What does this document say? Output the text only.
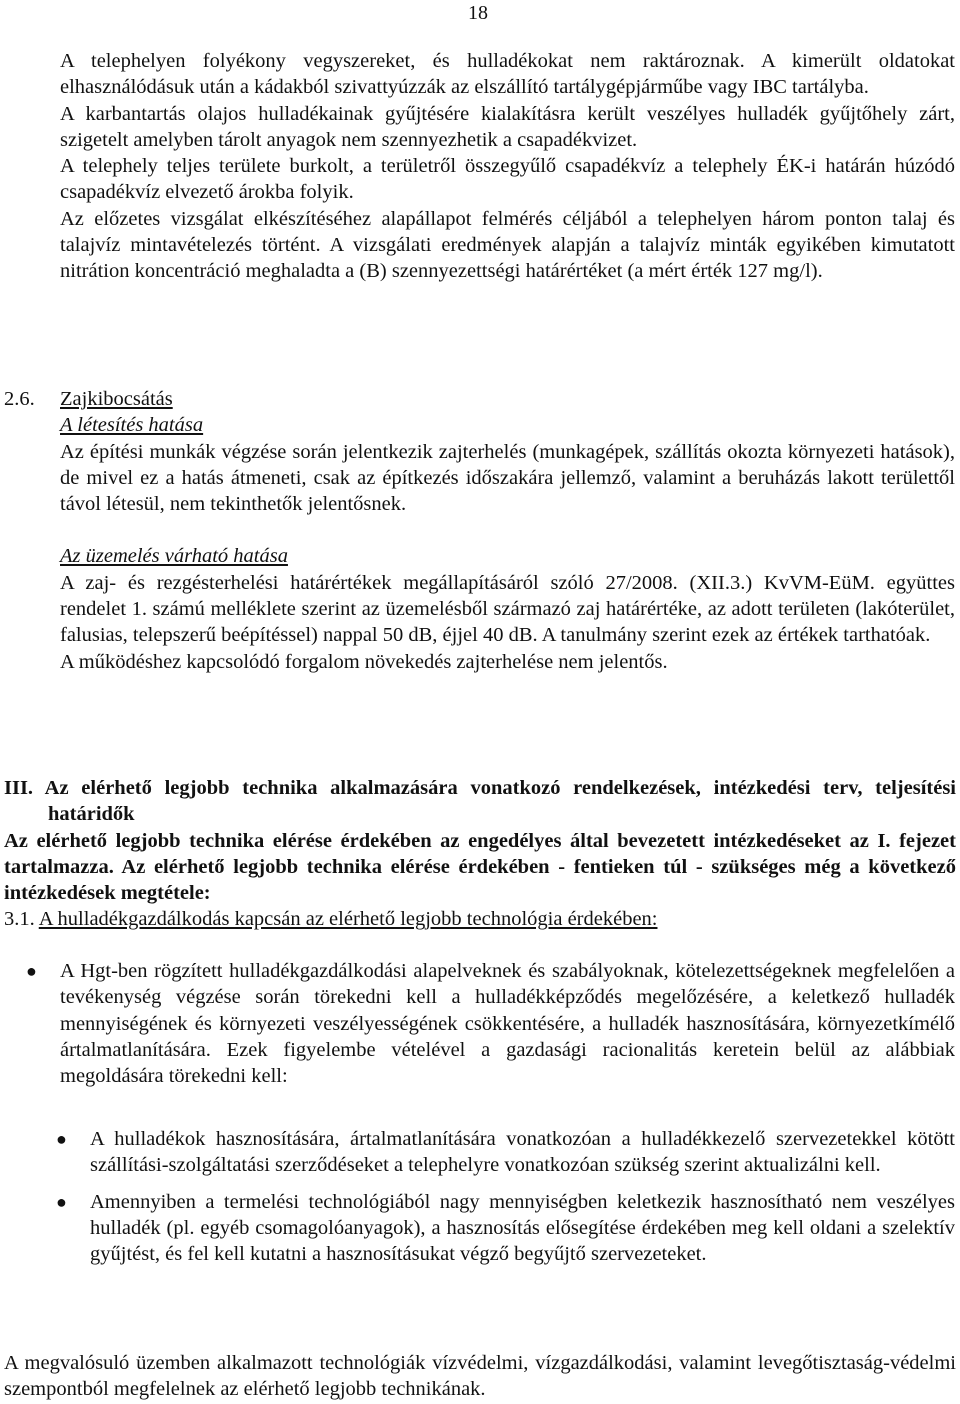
18

A telephelyen folyékony vegyszereket, és hulladékokat nem raktároznak. A kimerült oldatokat elhasználódásuk után a kádakból szivattyúzzák az elszállító tartálygépjárműbe vagy IBC tartályba.

A karbantartás olajos hulladékainak gyűjtésére kialakításra került veszélyes hulladék gyűjtőhely zárt, szigetelt amelyben tárolt anyagok nem szennyezhetik a csapadékvizet.

A telephely teljes területe burkolt, a területről összegyűlő csapadékvíz a telephely ÉK-i határán húzódó csapadékvíz elvezető árokba folyik.

Az előzetes vizsgálat elkészítéséhez alapállapot felmérés céljából a telephelyen három ponton talaj és talajvíz mintavételezés történt. A vizsgálati eredmények alapján a talajvíz minták egyikében kimutatott nitrátion koncentráció meghaladta a (B) szennyezettségi határértéket (a mért érték 127 mg/l).

2.6. Zajkibocsátás

A létesítés hatása

Az építési munkák végzése során jelentkezik zajterhelés (munkagépek, szállítás okozta környezeti hatások), de mivel ez a hatás átmeneti, csak az építkezés időszakára jellemző, valamint a beruházás lakott területtől távol létesül, nem tekinthetők jelentősnek.

Az üzemelés várható hatása

A zaj- és rezgésterhelési határértékek megállapításáról szóló 27/2008. (XII.3.) KvVM-EüM. együttes rendelet 1. számú melléklete szerint az üzemelésből származó zaj határértéke, az adott területen (lakóterület, falusias, telepszerű beépítéssel) nappal 50 dB, éjjel 40 dB. A tanulmány szerint ezek az értékek tarthatóak.

A működéshez kapcsolódó forgalom növekedés zajterhelése nem jelentős.

III. Az elérhető legjobb technika alkalmazására vonatkozó rendelkezések, intézkedési terv, teljesítési határidők

Az elérhető legjobb technika elérése érdekében az engedélyes által bevezetett intézkedéseket az I. fejezet tartalmazza. Az elérhető legjobb technika elérése érdekében - fentieken túl - szükséges még a következő intézkedések megtétele:

3.1. A hulladékgazdálkodás kapcsán az elérhető legjobb technológia érdekében:

● A Hgt-ben rögzített hulladékgazdálkodási alapelveknek és szabályoknak, kötelezettségeknek megfelelően a tevékenység végzése során törekedni kell a hulladékképződés megelőzésére, a keletkező hulladék mennyiségének és környezeti veszélyességének csökkentésére, a hulladék hasznosítására, környezetkímélő ártalmatlanítására. Ezek figyelembe vételével a gazdasági racionalitás keretein belül az alábbiak megoldására törekedni kell:
● A hulladékok hasznosítására, ártalmatlanítására vonatkozóan a hulladékkezelő szervezetekkel kötött szállítási-szolgáltatási szerződéseket a telephelyre vonatkozóan szükség szerint aktualizálni kell.
● Amennyiben a termelési technológiából nagy mennyiségben keletkezik hasznosítható nem veszélyes hulladék (pl. egyéb csomagolóanyagok), a hasznosítás elősegítése érdekében meg kell oldani a szelektív gyűjtést, és fel kell kutatni a hasznosításukat végző begyűjtő szervezeteket.
A megvalósuló üzemben alkalmazott technológiák vízvédelmi, vízgazdálkodási, valamint levegőtisztaság-védelmi szempontból megfelelnek az elérhető legjobb technikának.
